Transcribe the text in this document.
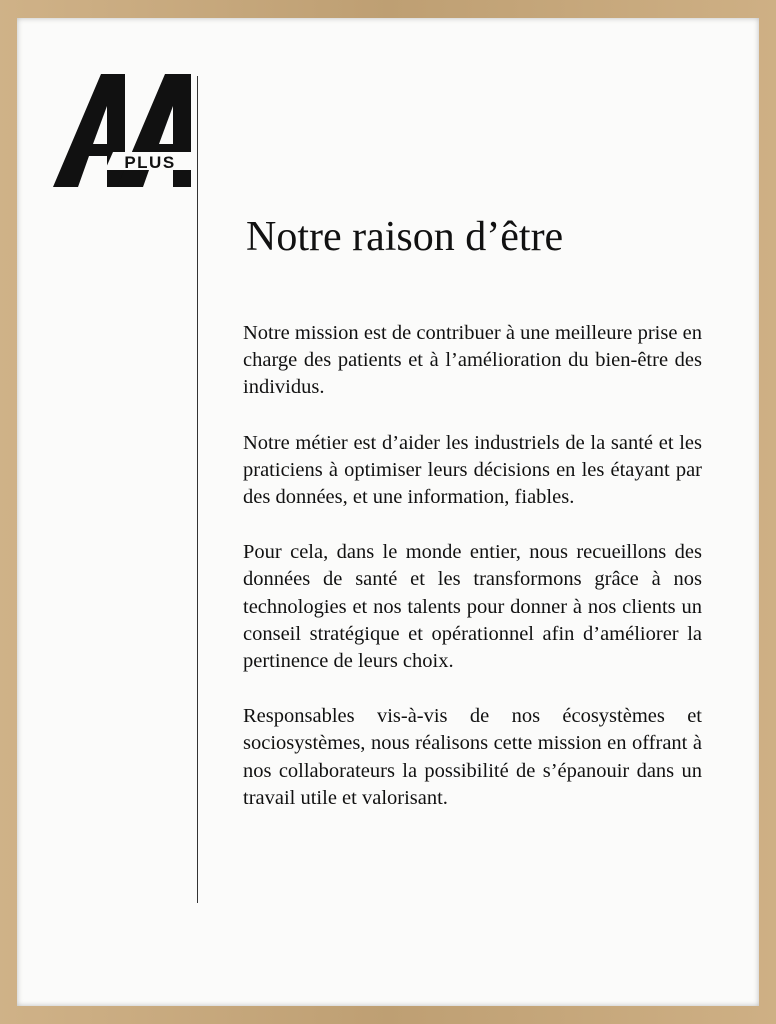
PLUS
Notre raison d’être

Notre mission est de contribuer à une meilleure prise en charge des patients et à l’amélioration du bien-être des individus.

Notre métier est d’aider les industriels de la santé et les praticiens à optimiser leurs décisions en les étayant par des données, et une information, fiables.

Pour cela, dans le monde entier, nous recueillons des données de santé et les transformons grâce à nos technologies et nos talents pour donner à nos clients un conseil stratégique et opérationnel afin d’améliorer la pertinence de leurs choix.

Responsables vis-à-vis de nos écosystèmes et sociosystèmes, nous réalisons cette mission en offrant à nos collaborateurs la possibilité de s’épanouir dans un travail utile et valorisant.
